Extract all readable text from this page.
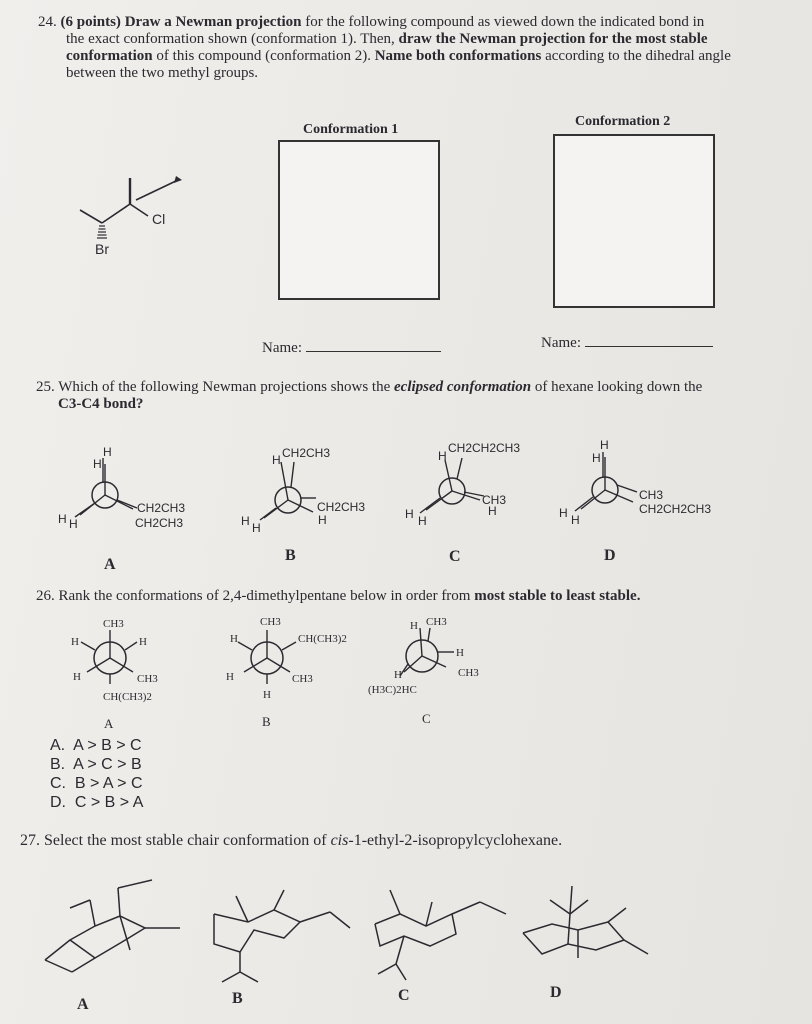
24. (6 points) Draw a Newman projection for the following compound as viewed down the indicated bond in
the exact conformation shown (conformation 1). Then, draw the Newman projection for the most stable
conformation of this compound (conformation 2). Name both conformations according to the dihedral angle
between the two methyl groups.
Cl
Br
Conformation 1
Conformation 2
Name:	Name:
25. Which of the following Newman projections shows the eclipsed conformation of hexane looking down the
C3-C4 bond?
H
H
H H
CH2CH3
CH2CH3
H CH2CH3
CH2CH3
H
H H
H
CH2CH2CH3
CH3
H
H H
H
H
CH3
CH2CH2CH3
H H
A
B	C	D
26. Rank the conformations of 2,4-dimethylpentane below in order from most stable to least stable.
CH3
H	H
H	CH3
CH(CH3)2
CH3
H	CH(CH3)2
H	CH3
H
H CH3
H
CH3
H
(H3C)2HC
A	B	C
A.  A > B > C
B.  A > C > B
C.  B > A > C
D.  C > B > A
27. Select the most stable chair conformation of cis-1-ethyl-2-isopropylcyclohexane.
A	B	C	D
